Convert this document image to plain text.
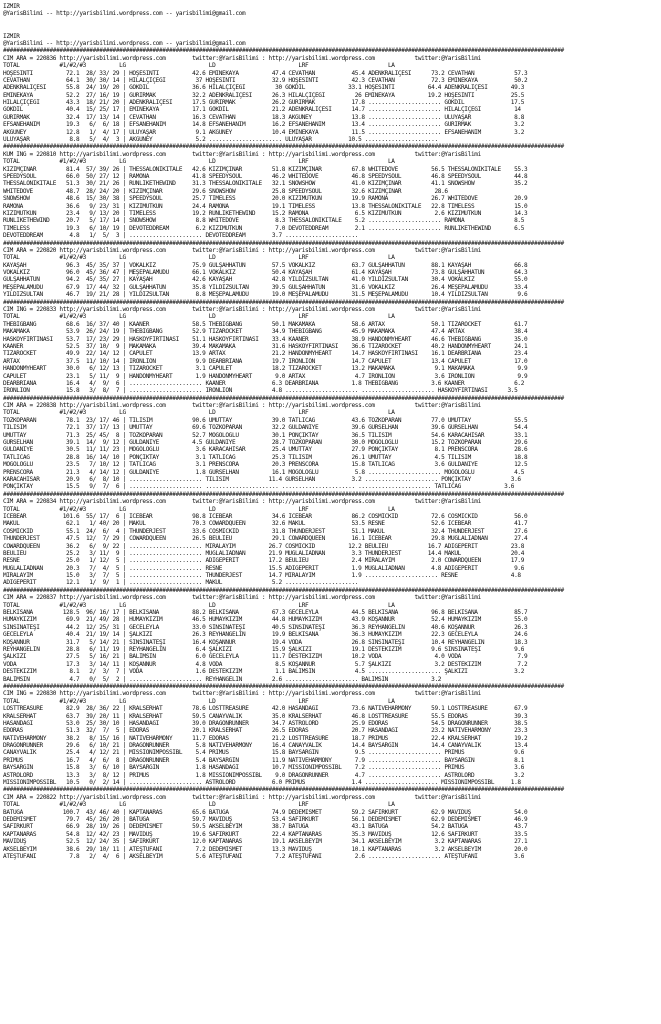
IZMIR
@YarisBilimi -- http://yarisbilimi.wordpress.com -- yarisbilimi@gmail.com
IZMIR
@YarisBilimi -- http://yarisbilimi.wordpress.com -- yarisbilimi@gmail.com
#########################################################################################################################################################################
CIM ARA = 220836 http://yarisbilimi.wordpress.com        twitter:@YarisBilimi : http://yarisbilimi.wordpress.com            twitter:@YarisBilimi
TOTAL            #1/#2/#3          LG                         LD                         LRF                        LA
HOŞESINTI          72.1  28/ 33/ 29 | HOŞESINTI          42.6 EMINEKAYA          47.4 CEVATHAN           45.4 ADENKRALIÇESI      73.2 CEVATHAN            57.3
CEVATHAN           64.1  30/ 30/ 14 | HILALÇİÇEĞI         37 HOŞESINTI           32.9 HOŞESINTI          42.3 CEVATHAN           72.3 EMINEKAYA           50.2
ADENKRALIÇESI      55.8  24/ 19/ 20 | GÖKDIL             36.6 HILALÇİÇEĞI         30 GÖKDIL             33.1 HOŞESINTI          64.4 ADENKRALIÇESI       49.3
EMINEKAYA          52.2  27/ 16/ 19 | GÜRIRMAK           32.2 ADENKRALIÇESI      26.3 HILALÇİÇEĞI         26 EMINEKAYA          19.2 HOŞESINTI           25.5
HILALÇİÇEĞI        43.3  18/ 21/ 20 | ADENKRALIÇESI      17.5 GÜRIRMAK           26.2 GÜRIRMAK           17.8 ...................... GÖKDIL              17.5
GÖKDIL             40.4  15/ 25/ 17 | EMINEKAYA          17.1 GÖKDIL             21.2 ADENKRALIÇESI      14.7 ...................... HILALÇİÇEĞI          14
GÜRIRMAK           32.4  17/ 13/ 14 | CEVATHAN           16.3 CEVATHAN           18.3 AKGÜNEY            13.8 ...................... ULUYAŞAR             8.8
EFSANEHANIM        19.3   6/  6/ 18 | EFSANEHANIM        14.8 EFSANEHANIM        16.2 EFSANEHANIM        13.4 ...................... GÜRIRMAK             3.2
AKGÜNEY            12.8   1/  4/ 17 | ULUYAŞAR            9.1 AKGÜNEY            10.4 EMINEKAYA          11.5 ...................... EFSANEHANIM          3.2
ULUYAŞAR            8.8   5/  4/  3 | AKGÜNEY             5.2 ...................... ULUYAŞAR           10.5 ......................
#########################################################################################################################################################################
KUM ING = 220810 http://yarisbilimi.wordpress.com        twitter:@YarisBilimi : http://yarisbilimi.wordpress.com            twitter:@YarisBilimi
TOTAL            #1/#2/#3          LG                         LD                         LRF                        LA
KIZIMÇINAR         81.4  57/ 39/ 26 | THESSALONIKITALE   42.6 KIZIMÇINAR         51.8 KIZIMÇINAR         67.8 WHITEDOVE          56.5 THESSALONIKITALE    55.3
SPEEDYSOUL         66.0  50/ 27/ 12 | RAMONA             41.8 SPEEDYSOUL         46.2 WHITEDOVE          46.8 SPEEDYSOUL         46.8 SPEEDYSOUL          44.8
THESSALONIKITALE   51.3  30/ 21/ 26 | RUNLIKETHEWIND     31.3 THESSALONIKITALE   32.1 SNOWSHOW           41.0 KIZIMÇINAR         41.1 SNOWSHOW            35.2
WHITEDOVE          48.7  28/ 24/ 20 | KIZIMÇINAR         29.6 SNOWSHOW           25.8 SPEEDYSOUL         32.6 KIZIMÇINAR          28.6
SNOWSHOW           48.6  15/ 30/ 38 | SPEEDYSOUL         25.7 TIMELESS           20.0 KIZIMUTKUN         19.9 RAMONA             26.7 WHITEDOVE           20.9
RAMONA             36.6   9/ 23/ 31 | KIZIMUTKUN         24.4 RAMONA             19.1 TIMELESS           13.8 THESSALONIKITALE   22.8 TIMELESS            15.0
KIZIMUTKUN         23.4   9/ 13/ 20 | TIMELESS           19.2 RUNLIKETHEWIND     15.2 RAMONA              6.5 KIZIMUTKUN          2.6 KIZIMUTKUN          14.3
RUNLIKETHEWIND     20.7   5/ 17/ 14 | SNOWSHOW            8.8 WHITEDOVE           8.3 THESSALONIKITALE    5.2 ...................... RAMONA               8.5
TIMELESS           19.3   6/ 10/ 19 | DEVOTEDDREAM        6.2 KIZIMUTKUN          7.0 DEVOTEDDREAM        2.1 ...................... RUNLIKETHEWIND       6.5
DEVOTEDDREAM        4.8   1/  5/  3 | ...................... DEVOTEDDREAM        3.7 ......................
#########################################################################################################################################################################
CIM ARA = 220820 http://yarisbilimi.wordpress.com        twitter:@YarisBilimi : http://yarisbilimi.wordpress.com            twitter:@YarisBilimi
TOTAL            #1/#2/#3          LG                         LD                         LRF                        LA
KAYAŞAH            96.3  45/ 35/ 37 | VOKALKIZ           75.9 GÜLŞAHHATUN        57.5 VOKALKIZ           63.7 GÜLŞAHHATUN        88.1 KAYAŞAH             66.8
VOKALKIZ           96.0  45/ 36/ 47 | MEŞEPALAMUDU       66.1 VOKALKIZ           50.4 KAYAŞAH            61.4 KAYAŞAH            73.8 GÜLŞAHHATUN         64.3
GÜLŞAHHATUN        94.2  45/ 35/ 27 | KAYAŞAH            42.6 KAYAŞAH            42.8 YILDIZSULTAN       41.0 YILDIZSULTAN       30.4 VOKALKIZ            55.0
MEŞEPALAMUDU       67.9  17/ 44/ 32 | GÜLŞAHHATUN        35.8 YILDIZSULTAN       39.5 GÜLŞAHHATUN        31.6 VOKALKIZ           26.4 MEŞEPALAMUDU        33.4
YILDIZSULTAN       46.7  19/ 21/ 28 | YILDIZSULTAN        8.8 MEŞEPALAMUDU       19.0 MEŞEPALAMUDU       31.5 MEŞEPALAMUDU       10.4 YILDIZSULTAN         9.6
#########################################################################################################################################################################
CIM ING = 220833 http://yarisbilimi.wordpress.com        twitter:@YarisBilimi : http://yarisbilimi.wordpress.com            twitter:@YarisBilimi
TOTAL            #1/#2/#3          LG                         LD                         LRF                        LA
THEBIGBANG         68.6  16/ 37/ 40 | KAANER             58.5 THEBIGBANG         50.1 MAKAMAKA           58.6 ARTAX              50.1 TIZAROCKET          61.7
MAKAMAKA           53.9  26/ 24/ 19 | THEBIGBANG         52.9 TIZAROCKET         34.9 THEBIGBANG         45.9 MAKAMAKA           47.4 ARTAX               38.4
HASKÖYFIRTINASI    53.7  17/ 23/ 29 | HASKÖYFIRTINASI    51.1 HASKÖYFIRTINASI    33.4 KAANER             38.9 HANDONMYHEART      46.6 THEBIGBANG          35.0
KAANER             52.5  37/ 10/  9 | MAKAMAKA           39.4 MAKAMAKA           31.6 HASKÖYFIRTINASI    36.6 TIZAROCKET         40.2 HANDONMYHEART       24.1
TIZAROCKET         49.9  22/ 14/ 12 | CAPULET            13.9 ARTAX              21.2 HANDONMYHEART      14.7 HASKÖYFIRTINASI    16.1 DEARBRIANA          23.4
ARTAX              37.5  11/ 10/ 14 | IRONLION            9.9 DEARBRIANA         19.7 IRONLION           14.7 CAPULET            13.4 CAPULET             17.0
HANDONMYHEART      30.0   6/ 12/ 13 | TIZAROCKET          3.1 CAPULET            18.2 TIZAROCKET         13.2 MAKAMAKA            9.1 MAKAMAKA             9.9
CAPULET            23.1   5/ 11/  9 | HANDONMYHEART       1.9 HANDONMYHEART       9.0 ARTAX               4.7 IRONLION            3.6 IRONLION             9.9
DEARBRIANA         16.4   4/  9/  6 | ...................... KAANER              6.3 DEARBRIANA          1.8 THEBIGBANG          3.6 KAANER               6.2
IRONLION           15.8   3/  8/  7 | ...................... IRONLION            4.8 ...................... ...................... HASKÖYFIRTINASI      3.5
#########################################################################################################################################################################
CIM ARA = 220838 http://yarisbilimi.wordpress.com        twitter:@YarisBilimi : http://yarisbilimi.wordpress.com            twitter:@YarisBilimi
TOTAL            #1/#2/#3          LG                         LD                         LRF                        LA
TOZKOPARAN         78.1  23/ 17/ 46 | TILISIM            90.6 UMUTTAY            39.0 TATLICAĞ           43.6 TOZKOPARAN         77.0 UMUTTAY             55.5
TILISIM            72.1  37/ 17/ 13 | UMUTTAY            69.6 TOZKOPARAN         32.2 GÜLDANIYE          39.6 GÜRSELHAN          39.6 GÜRSELHAN           54.4
UMUTTAY            71.3  25/ 45/  8 | TOZKOPARAN         52.7 MOĞOLOĞLU          30.1 PONÇIKTAY          36.5 TILISIM            54.6 KARACAHISAR         33.1
GÜRSELHAN          39.1  14/  9/ 12 | GÜLDANIYE          4.5 GÜLDANIYE           28.7 TOZKOPARAN         30.0 MOĞOLOĞLU          15.2 TOZKOPARAN          29.6
GÜLDANIYE          30.5  11/ 11/ 23 | MOĞOLOĞLU           3.6 KARACAHISAR        25.4 UMUTTAY            27.9 PONÇIKTAY           8.1 PRENSCORA           28.6
TATLICAĞ           28.8  16/ 14/ 10 | PONÇIKTAY           3.1 TATLICAĞ           25.3 TILISIM            26.1 UMUTTAY             4.5 TILISIM             18.8
MOĞOLOĞLU          23.5   7/ 10/ 12 | TATLICAĞ            3.1 PRENSCORA          20.3 PRENSCORA          15.8 TATLICAĞ            3.6 GÜLDANIYE           12.5
PRENSCORA          21.3   4/ 14/ 12 | GÜLDANIYE           1.8 GÜRSELHAN          16.1 MOĞOLOĞLU           5.8 ...................... MOĞOLOĞLU            4.5
KARACAHISAR        20.9   6/  8/ 10 | ...................... TILISIM            11.4 GÜRSELHAN           3.2 ...................... PONÇIKTAY            3.6
PONÇIKTAY          15.5   9/  7/  6 | ...................... ...................... ...................... ...................... TATLICAĞ             3.6
#########################################################################################################################################################################
CIM ARA = 220834 http://yarisbilimi.wordpress.com        twitter:@YarisBilimi : http://yarisbilimi.wordpress.com            twitter:@YarisBilimi
TOTAL            #1/#2/#3          LG                         LD                         LRF                        LA
ICEBEAR           101.6  55/ 17/  6 | ICEBEAR            98.8 ICEBEAR            34.6 ICEBEAR            86.2 COSMICKID          72.6 COSMICKID           56.0
MAKUL              62.1   1/ 40/ 20 | MAKUL              70.3 COWARDQUEEN        32.6 MAKUL              53.5 RESNE              52.6 ICEBEAR             41.7
COSMICKID          55.1  24/  6/  4 | THUNDERJEST        33.6 COSMICKID          31.8 THUNDERJEST        51.1 MAKUL              32.4 THUNDERJEST         27.6
THUNDERJEST        47.5  12/  7/ 29 | COWARDQUEEN        26.5 BEULIEU            29.1 COWARDQUEEN        16.1 ICEBEAR            29.8 MUĞLALIADNAN        27.4
COWARDQUEEN        36.2   6/  9/ 22 | ...................... MIRALAYIM          26.7 COSMICKID          12.2 BEULIEU            16.7 ADIGEPERIT          23.8
BEULIEU            25.2   3/ 11/  9 | ...................... MUĞLALIADNAN       21.9 MUĞLALIADNAN        3.3 THUNDERJEST        14.4 MAKUL               20.4
RESNE              25.0   1/ 12/  5 | ...................... ADIGEPERIT         17.2 BEULIEU             2.4 MIRALAYIM           2.0 COWARDQUEEN         17.9
MUĞLALIADNAN       20.3   7/  4/  5 | ...................... RESNE              15.5 ADIGEPERIT          1.9 MUĞLALIADNAN        4.8 ADIGEPERIT           9.6
MIRALAYIM          15.0   3/  7/  5 | ...................... THUNDERJEST        14.7 MIRALAYIM           1.9 ...................... RESNE                4.8
ADIGEPERIT         12.1   1/  9/  1 | ...................... MAKUL               5.2 ......................
#########################################################################################################################################################################
CIM ARA = 220837 http://yarisbilimi.wordpress.com        twitter:@YarisBilimi : http://yarisbilimi.wordpress.com            twitter:@YarisBilimi
TOTAL            #1/#2/#3          LG                         LD                         LRF                        LA
BELKISANA         128.5  96/ 16/ 17 | BELKISANA          88.2 BELKISANA          67.3 GECELEYLA          44.5 BELKISANA          96.8 BELKISANA           85.7
HUMAYKIZIM         69.9  21/ 49/ 28 | HUMAYKIZIM         46.5 HUMAYKIZIM         44.8 HUMAYKIZIM         43.9 KOŞANNUR           52.4 HUMAYKIZIM          55.0
SINSINATEŞI        44.2  12/ 25/ 31 | GECELEYLA          33.0 SINSINATEŞI        40.5 SINSINATEŞI        36.3 REYHANGELIN        40.6 KOŞANNUR            26.3
GECELEYLA          40.4  21/ 19/ 14 | ŞALKIZI            26.3 REYHANGELIN        19.9 BELKISANA          36.3 HUMAYKIZIM         22.3 GECELEYLA           24.6
KOŞANNUR           31.7   5/ 14/ 21 | SINSINATEŞI        16.4 KOŞANNUR           19.4 VODA               26.8 SINSINATEŞI        10.4 REYHANGELIN         18.3
REYHANGELIN        28.8   6/ 11/ 19 | REYHANGELIN         6.4 ŞALKIZI            15.9 ŞALKIZI            19.1 DESTEKIZIM         9.6 SINSINATEŞI          9.6
ŞALKIZI            27.5   5/ 16/ 21 | BALIMSIN            6.0 GECELEYLA          11.7 DESTEKIZIM         10.2 VODA                4.0 VODA                 7.9
VODA               17.3   3/ 14/ 11 | KOŞANNUR            4.8 VODA                8.5 KOŞANNUR            5.7 ŞALKIZI             3.2 DESTEKIZIM           7.2
DESTEKIZIM          8.1   2/  3/  7 | VODA                1.6 DESTEKIZIM          1.1 BALIMSIN            4.5 ...................... ŞALKIZI              3.2
BALIMSIN            4.7   0/  5/  2 | ...................... REYHANGELIN         2.6 ...................... BALIMSIN             3.2
#########################################################################################################################################################################
CIM ING = 220830 http://yarisbilimi.wordpress.com        twitter:@YarisBilimi : http://yarisbilimi.wordpress.com            twitter:@YarisBilimi
TOTAL            #1/#2/#3          LG                         LD                         LRF                        LA
LOSTTREASURE       82.9  28/ 36/ 22 | KRALSERHAT         78.6 LOSTTREASURE       42.0 HASANDAĞI          73.6 NATIVEHARMONY      59.1 LOSTTREASURE        67.9
KRALSERHAT         63.7  39/ 20/ 11 | KRALSERHAT         59.5 CANAYVALIK         35.0 KRALSERHAT         46.8 LOSTTREASURE       55.5 EDORAS              39.3
HASANDAĞI          53.0  25/ 30/ 10 | HASANDAĞI          39.0 DRAGONRUNNER       34.7 ASTROLORD          25.9 EDORAS             54.5 DRAGONRUNNER        38.5
EDORAS             51.3  32/  7/  5 | EDORAS             20.1 KRALSERHAT         26.5 EDORAS             20.7 HASANDAĞI          23.2 NATIVEHARMONY       23.3
NATIVEHARMONY      38.2   8/ 15/ 16 | NATIVEHARMONY      11.7 EDORAS             21.2 LOSTTREASURE       18.7 PRIMUS             22.4 KRALSERHAT          19.2
DRAGONRUNNER       29.6   6/ 10/ 21 | DRAGONRUNNER        5.8 NATIVEHARMONY      16.4 CANAYVALIK         14.4 BAYSARGIN          14.4 CANAYVALIK          13.4
CANAYVALIK         25.4   4/ 12/ 21 | MISSIONIMPOSSIBL    5.4 PRIMUS             15.8 BAYSARGIN           9.5 ...................... PRIMUS               9.6
PRIMUS             16.7   4/  6/  8 | DRAGONRUNNER        5.4 BAYSARGIN          11.9 NATIVEHARMONY       7.9 ...................... BAYSARGIN            8.1
BAYSARGIN          15.8   3/  6/ 10 | BAYSARGIN           1.8 HASANDAĞI          10.7 MISSIONIMPOSSIBL    7.2 ...................... PRIMUS               3.6
ASTROLORD          13.3   3/  8/ 12 | PRIMUS              1.8 MISSIONIMPOSSIBL    9.0 DRAGONRUNNER        4.7 ...................... ASTROLORD            3.2
MISSIONIMPOSSIBL   10.5   0/  2/ 14 | ...................... ASTROLORD           6.0 PRIMUS              1.4 ...................... MISSIONIMPOSSIBL     1.8
#########################################################################################################################################################################
CIM ARA = 220822 http://yarisbilimi.wordpress.com        twitter:@YarisBilimi : http://yarisbilimi.wordpress.com            twitter:@YarisBilimi
TOTAL            #1/#2/#3          LG                         LD                         LRF                        LA
BATUGA            100.7  43/ 46/ 40 | KAPTANARAS         65.6 BATUGA             74.9 DEDEMISMET         59.2 SAFIRKURT          62.9 MAVIDÜŞ             54.0
DEDEMISMET         79.7  45/ 26/ 20 | BATUGA             59.7 MAVIDÜŞ            53.4 SAFIRKURT          56.1 DEDEMISMET         62.9 DEDEMISMET          46.9
SAFIRKURT          66.9  28/ 19/ 26 | DEDEMISMET         59.5 AKSELBEYIM         38.7 BATUGA             43.1 BATUGA             54.2 BATUGA              43.7
KAPTANARAS         54.8  12/ 42/ 23 | MAVIDÜŞ            19.6 SAFIRKURT          22.4 KAPTANARAS         35.3 MAVIDÜŞ            12.6 SAFIRKURT           33.5
MAVIDÜŞ            52.5  12/ 24/ 35 | SAFIRKURT          12.0 KAPTANARAS         19.1 AKSELBEYIM         34.1 AKSELBEYIM          3.2 KAPTANARAS          27.1
AKSELBEYIM         38.6  29/ 10/ 11 | ATEŞTUFANI          7.2 DEDEMISMET         13.3 MAVIDÜŞ            10.1 KAPTANARAS          3.2 AKSELBEYIM          20.0
ATEŞTUFANI          7.8   2/  4/  6 | AKSELBEYIM          5.6 ATEŞTUFANI          7.2 ATEŞTUFANI          2.6 ...................... ATEŞTUFANI           3.6
